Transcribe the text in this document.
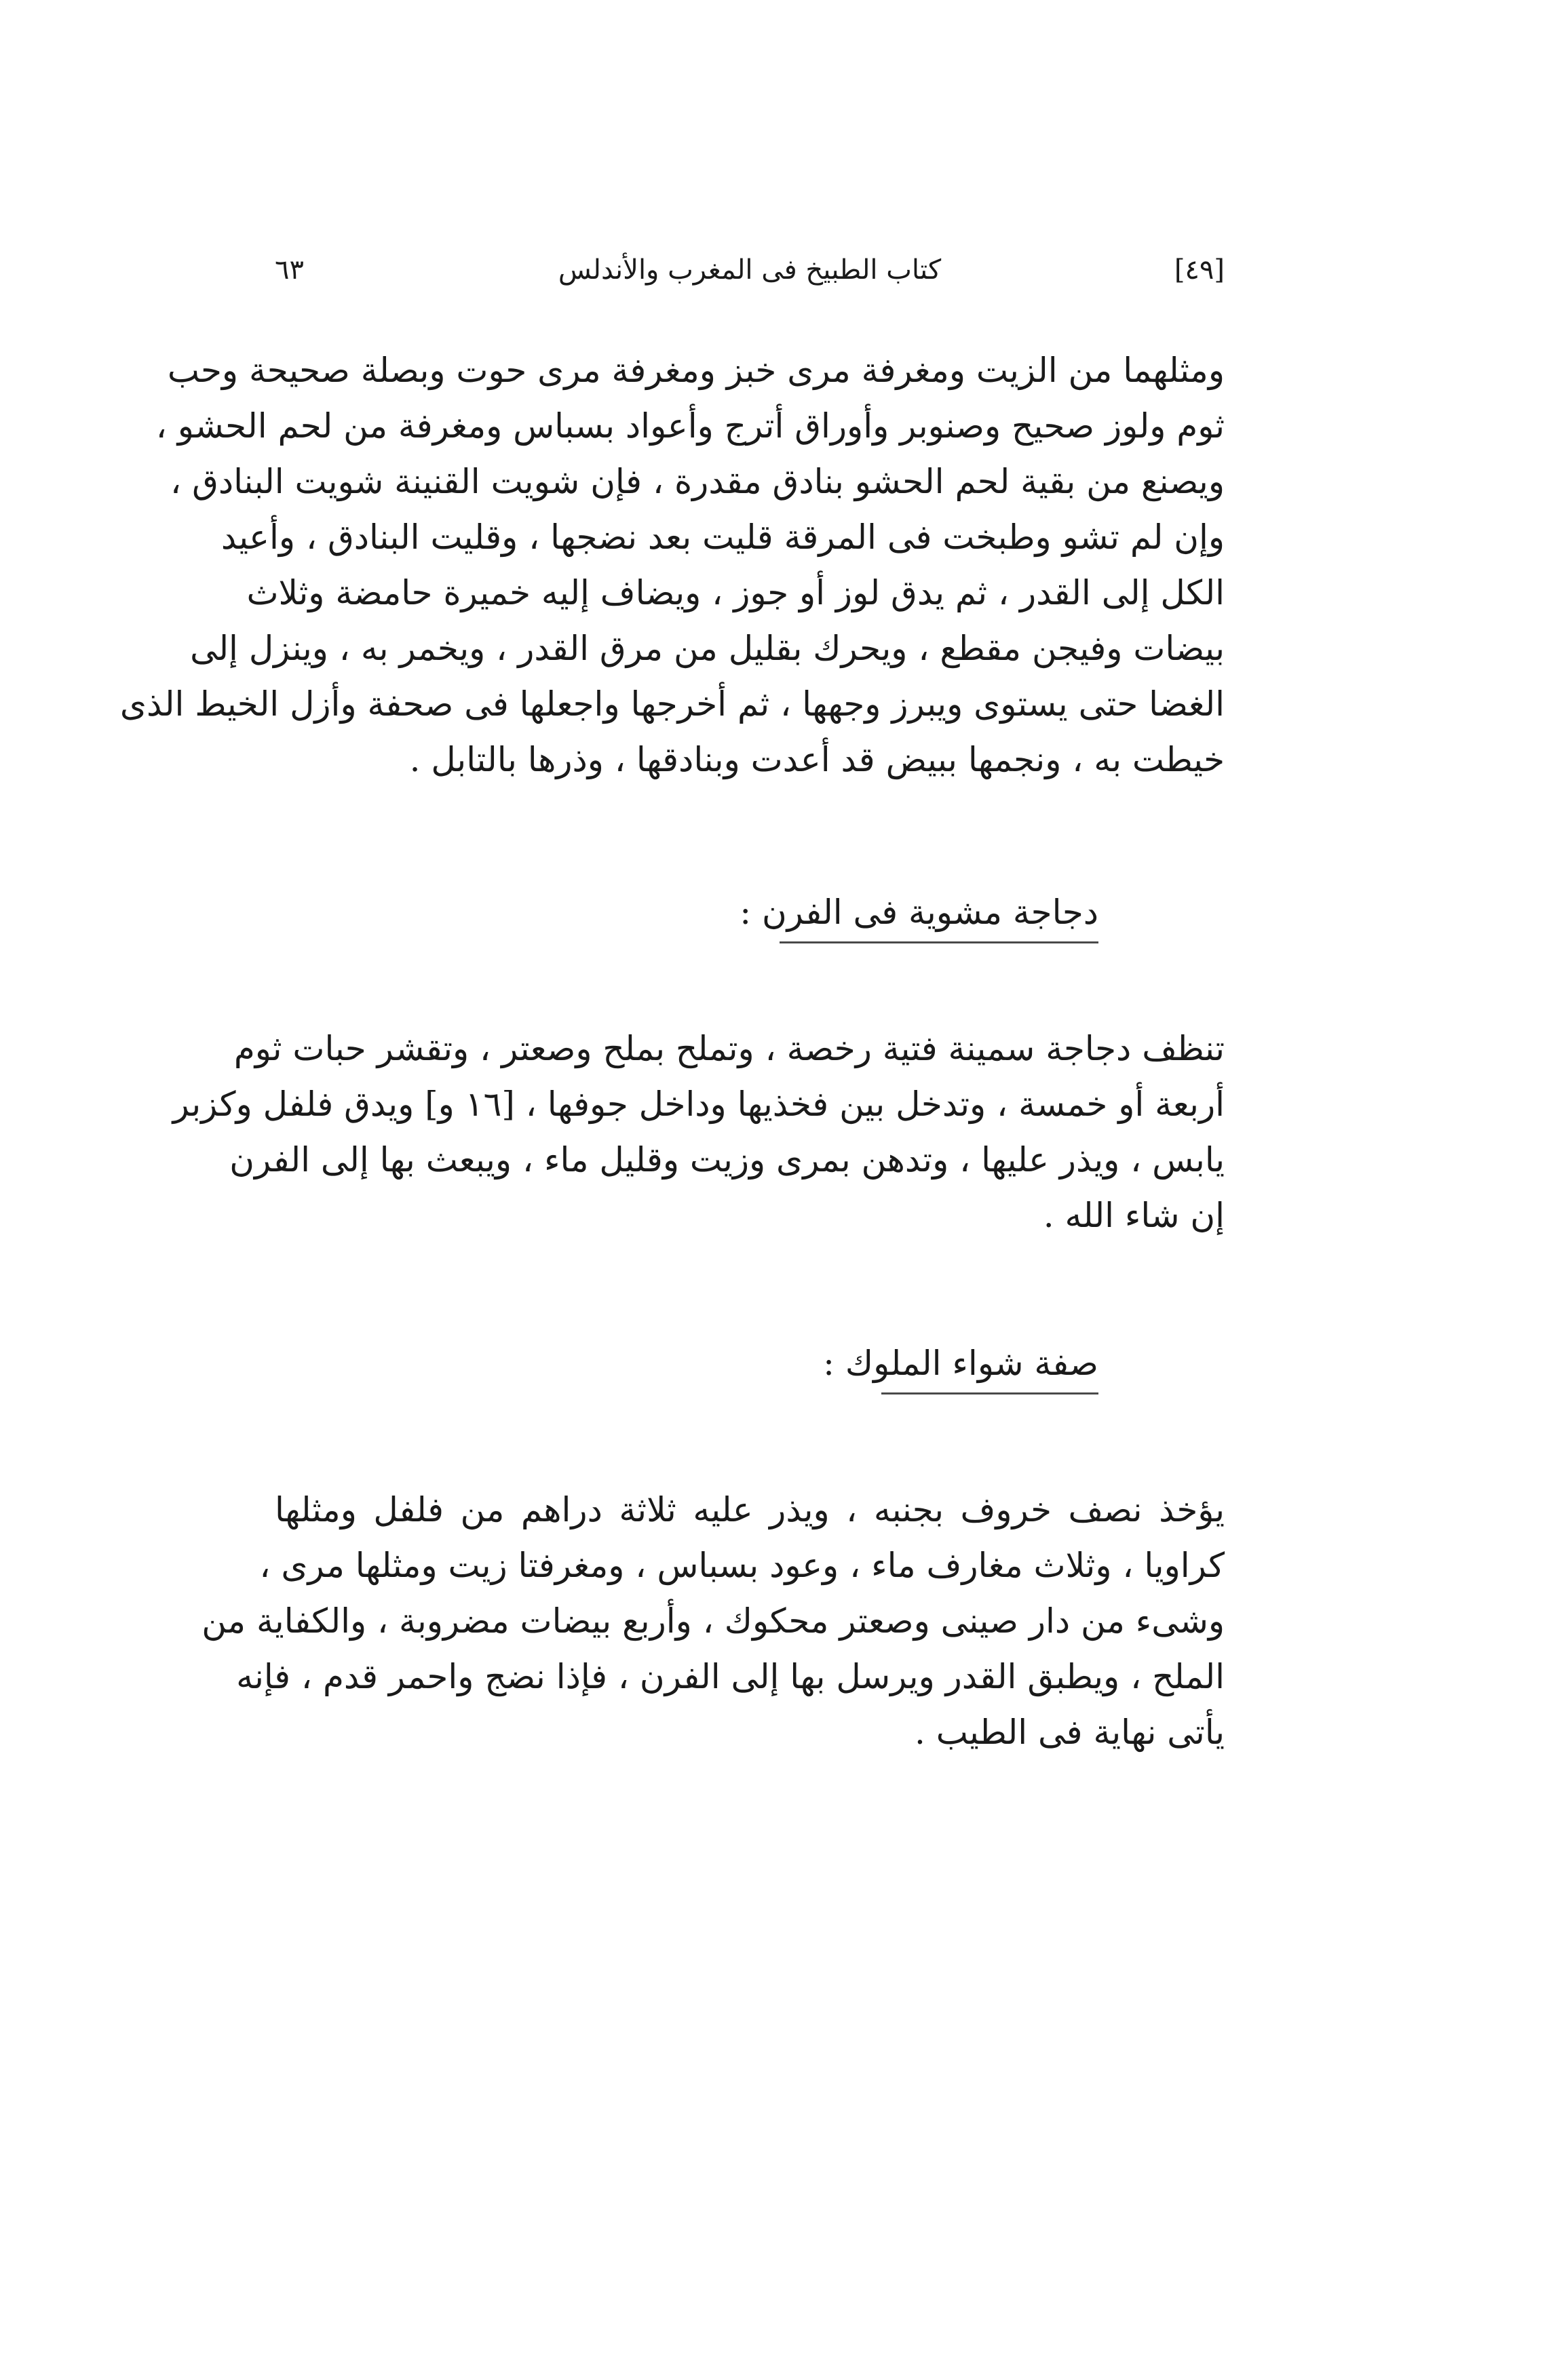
[٤٩]
كتاب الطبيخ فى المغرب والأندلس
٦٣

ومثلهما من الزيت ومغرفة مرى خبز ومغرفة مرى حوت وبصلة صحيحة وحب
ثوم ولوز صحيح وصنوبر وأوراق أترج وأعواد بسباس ومغرفة من لحم الحشو ،
ويصنع من بقية لحم الحشو بنادق مقدرة ، فإن شويت القنينة شويت البنادق ،
وإن لم تشو وطبخت فى المرقة قليت بعد نضجها ، وقليت البنادق ، وأعيد
الكل إلى القدر ، ثم يدق لوز أو جوز ، ويضاف إليه خميرة حامضة وثلاث
بيضات وفيجن مقطع ، ويحرك بقليل من مرق القدر ، ويخمر به ، وينزل إلى
الغضا حتى يستوى ويبرز وجهها ، ثم أخرجها واجعلها فى صحفة وأزل الخيط الذى
خيطت به ، ونجمها ببيض قد أعدت وبنادقها ، وذرها بالتابل .

دجاجة مشوية فى الفرن :

تنظف دجاجة سمينة فتية رخصة ، وتملح بملح وصعتر ، وتقشر حبات ثوم
أربعة أو خمسة ، وتدخل بين فخذيها وداخل جوفها ، [١٦ و] ويدق فلفل وكزبر
يابس ، ويذر عليها ، وتدهن بمرى وزيت وقليل ماء ، ويبعث بها إلى الفرن
إن شاء الله .

صفة شواء الملوك :

يؤخذ نصف خروف بجنبه ، ويذر عليه ثلاثة دراهم من فلفل ومثلها
كراويا ، وثلاث مغارف ماء ، وعود بسباس ، ومغرفتا زيت ومثلها مرى ،
وشىء من دار صينى وصعتر محكوك ، وأربع بيضات مضروبة ، والكفاية من
الملح ، ويطبق القدر ويرسل بها إلى الفرن ، فإذا نضج واحمر قدم ، فإنه
يأتى نهاية فى الطيب .
